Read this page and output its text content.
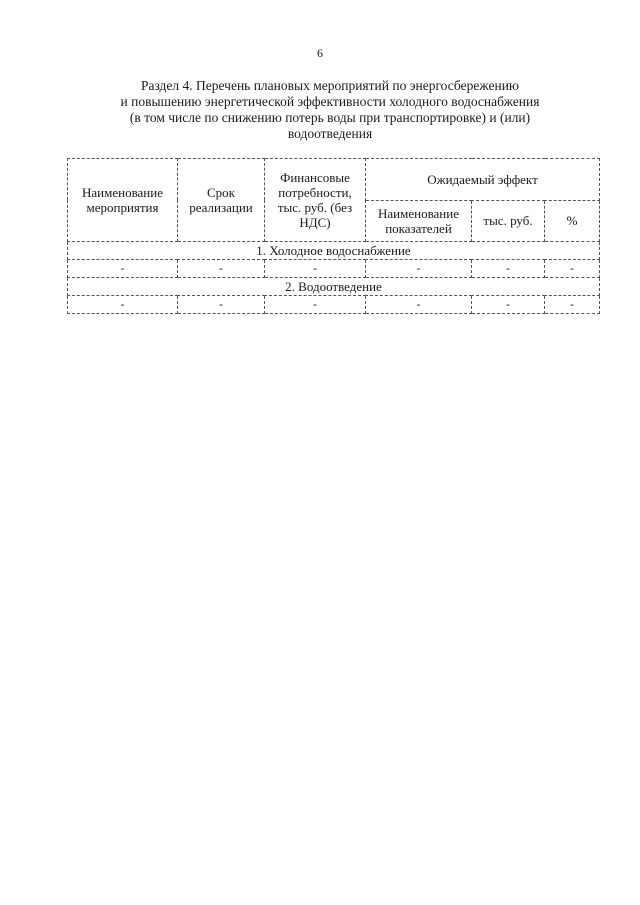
6
Раздел 4. Перечень плановых мероприятий по энергосбережению
и повышению энергетической эффективности холодного водоснабжения
(в том числе по снижению потерь воды при транспортировке) и (или)
водоотведения
Наименование мероприятия	Срок реализации	Финансовые потребности, тыс. руб. (без НДС)	Ожидаемый эффект		
			Наименование показателей	тыс. руб.	%
1. Холодное водоснабжение					
-	-	-	-	-	-
2. Водоотведение					
-	-	-	-	-	-
